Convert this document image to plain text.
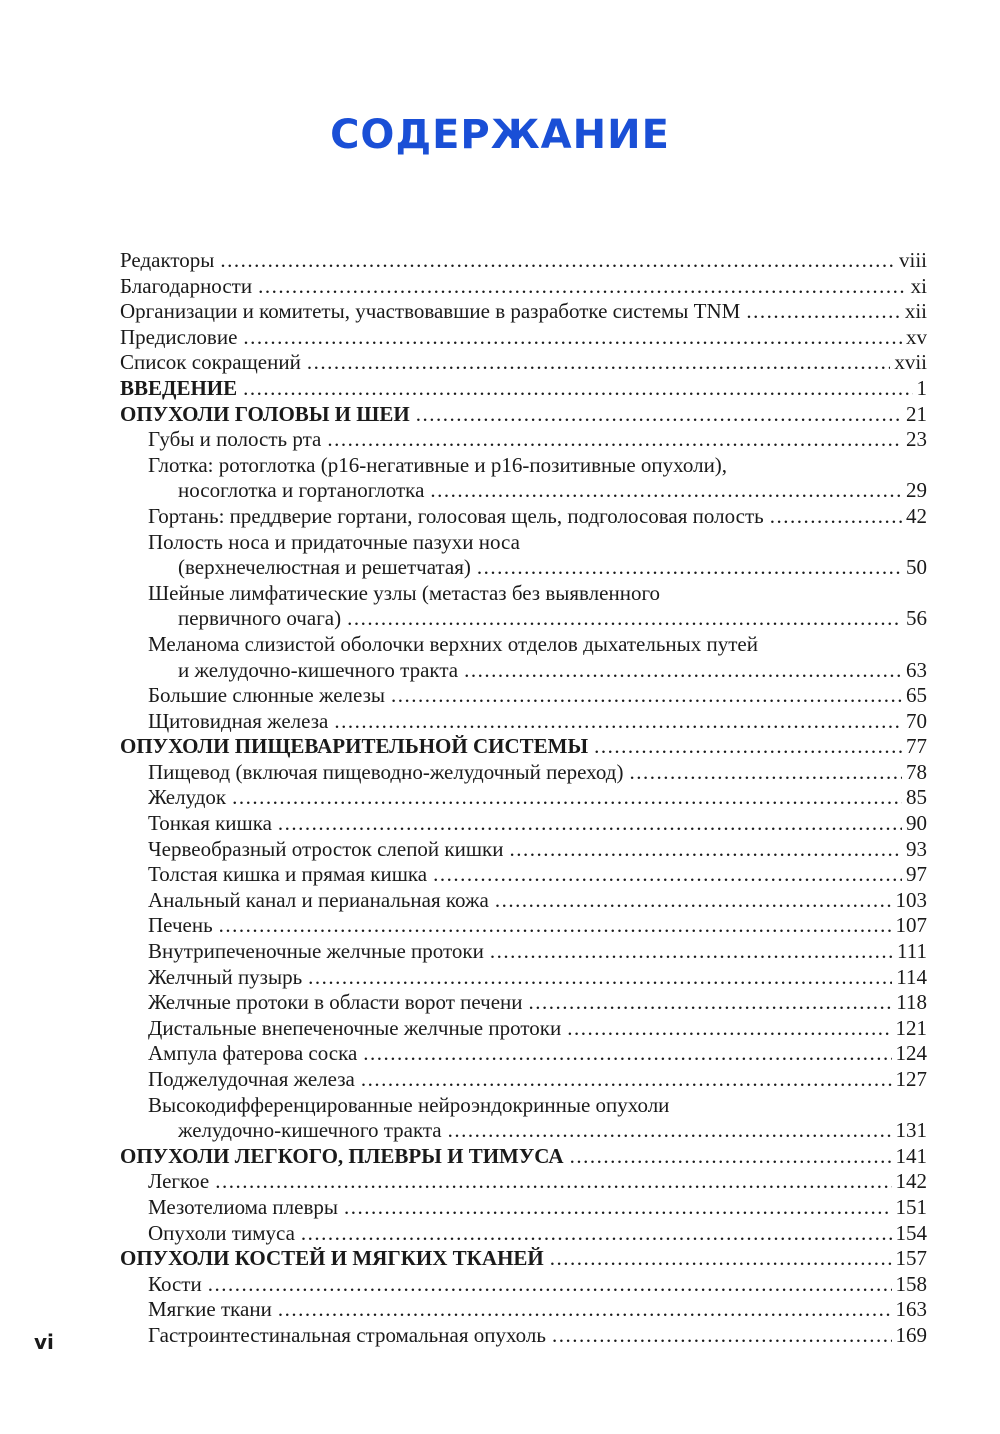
СОДЕРЖАНИЕ
Редакторы .....	viii
Благодарности .....	xi
Организации и комитеты, участвовавшие в разработке системы TNM .....	xii
Предисловие .....	xv
Список сокращений .....	xvii
ВВЕДЕНИЕ .....	1
ОПУХОЛИ ГОЛОВЫ И ШЕИ .....	21
Губы и полость рта .....	23
Глотка: ротоглотка (р16-негативные и р16-позитивные опухоли),
носоглотка и гортаноглотка .....	29
Гортань: преддверие гортани, голосовая щель, подголосовая полость .....	42
Полость носа и придаточные пазухи носа
(верхнечелюстная и решетчатая) .....	50
Шейные лимфатические узлы (метастаз без выявленного
первичного очага) .....	56
Меланома слизистой оболочки верхних отделов дыхательных путей
и желудочно-кишечного тракта .....	63
Большие слюнные железы .....	65
Щитовидная железа .....	70
ОПУХОЛИ ПИЩЕВАРИТЕЛЬНОЙ СИСТЕМЫ .....	77
Пищевод (включая пищеводно-желудочный переход) .....	78
Желудок .....	85
Тонкая кишка .....	90
Червеобразный отросток слепой кишки .....	93
Толстая кишка и прямая кишка .....	97
Анальный канал и перианальная кожа .....	103
Печень .....	107
Внутрипеченочные желчные протоки .....	111
Желчный пузырь .....	114
Желчные протоки в области ворот печени .....	118
Дистальные внепеченочные желчные протоки .....	121
Ампула фатерова соска .....	124
Поджелудочная железа .....	127
Высокодифференцированные нейроэндокринные опухоли
желудочно-кишечного тракта .....	131
ОПУХОЛИ ЛЕГКОГО, ПЛЕВРЫ И ТИМУСА .....	141
Легкое .....	142
Мезотелиома плевры .....	151
Опухоли тимуса .....	154
ОПУХОЛИ КОСТЕЙ И МЯГКИХ ТКАНЕЙ .....	157
Кости .....	158
Мягкие ткани .....	163
Гастроинтестинальная стромальная опухоль .....	169
vi
